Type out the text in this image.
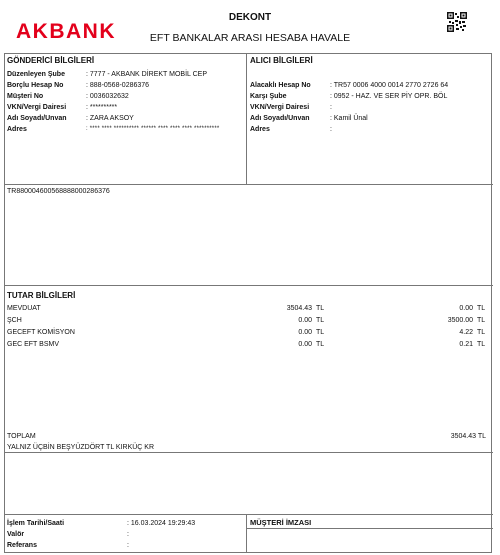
AKBANK
DEKONT
EFT BANKALAR ARASI HESABA HAVALE
GÖNDERİCİ BİLGİLERİ
Düzenleyen Şube	: 7777 - AKBANK DİREKT MOBİL CEP
Borçlu Hesap No	: 888-0568-0286376
Müşteri No	: 0036032632
VKN/Vergi Dairesi	: **********
Adı Soyadı/Unvan	: ZARA AKSOY
Adres	: **** **** ********** ****** **** **** **** **********
ALICI BİLGİLERİ
Alacaklı Hesap No	: TR57 0006 4000 0014 2770 2726 64
Karşı Şube	: 0952 - HAZ. VE SER PİY OPR. BÖL
VKN/Vergi Dairesi	:
Adı Soyadı/Unvan	: Kamil Ünal
Adres	:
TR880004600568888000286376
TUTAR BİLGİLERİ
MEVDUAT	3504.43 TL	0.00 TL
ŞCH	0.00 TL	3500.00 TL
GECEFT KOMİSYON	0.00 TL	4.22 TL
GEC EFT BSMV	0.00 TL	0.21 TL
TOPLAM	3504.43 TL
YALNIZ ÜÇBİN BEŞYÜZDÖRT TL KIRKÜÇ KR
İşlem Tarihi/Saati	: 16.03.2024 19:29:43
Valör	:
Referans	:
MÜŞTERİ İMZASI
